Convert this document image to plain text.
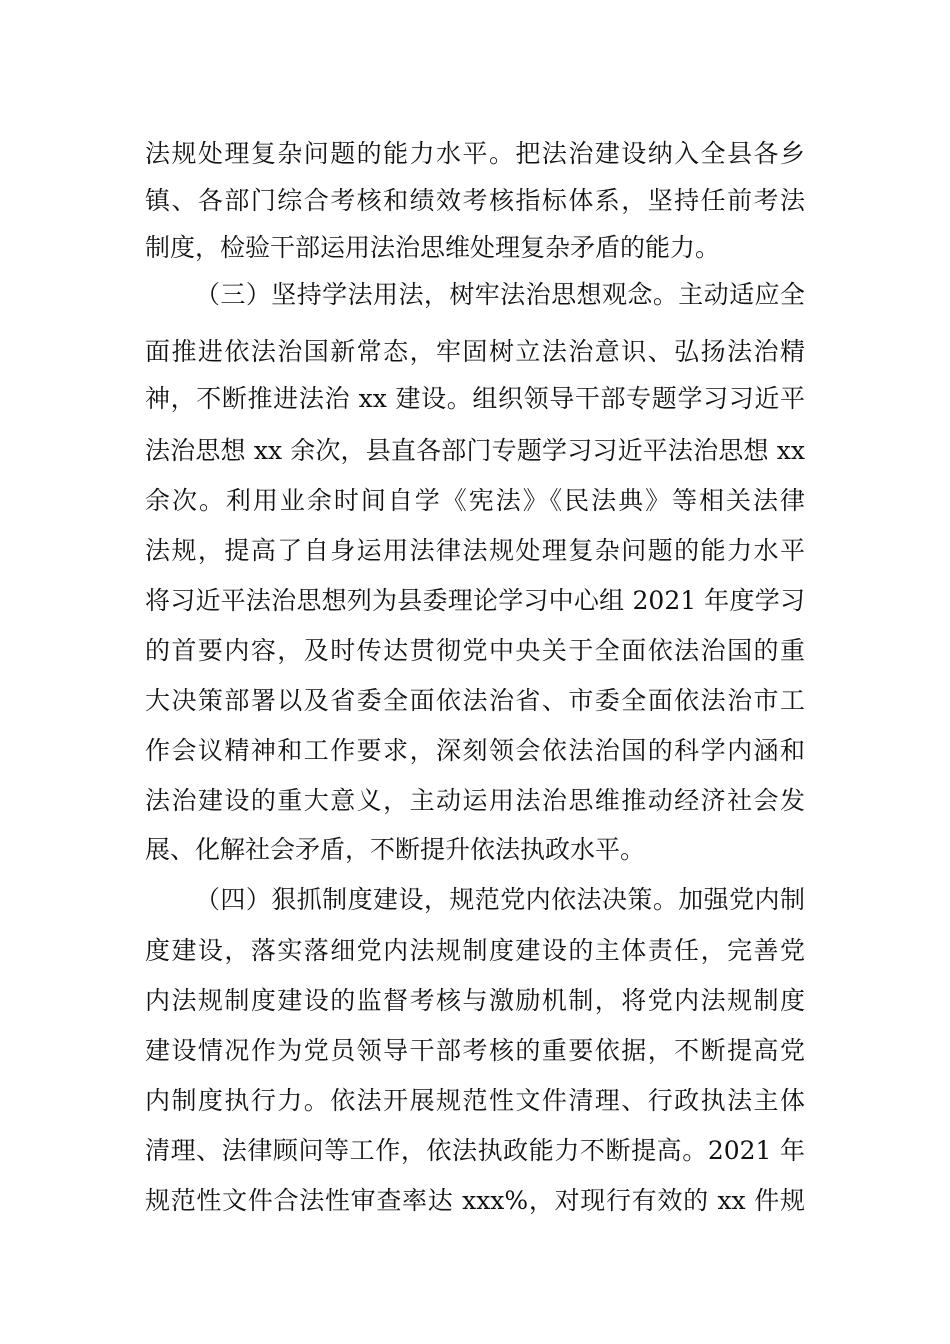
法规处理复杂问题的能力水平。把法治建设纳入全县各乡
镇、各部门综合考核和绩效考核指标体系，坚持任前考法
制度，检验干部运用法治思维处理复杂矛盾的能力。
（三）坚持学法用法，树牢法治思想观念。主动适应全
面推进依法治国新常态，牢固树立法治意识、弘扬法治精
神，不断推进法治 xx 建设。组织领导干部专题学习习近平
法治思想 xx 余次，县直各部门专题学习习近平法治思想 xx
余次。利用业余时间自学《宪法》《民法典》等相关法律
法规，提高了自身运用法律法规处理复杂问题的能力水平
将习近平法治思想列为县委理论学习中心组 2021 年度学习
的首要内容，及时传达贯彻党中央关于全面依法治国的重
大决策部署以及省委全面依法治省、市委全面依法治市工
作会议精神和工作要求，深刻领会依法治国的科学内涵和
法治建设的重大意义，主动运用法治思维推动经济社会发
展、化解社会矛盾，不断提升依法执政水平。
（四）狠抓制度建设，规范党内依法决策。加强党内制
度建设，落实落细党内法规制度建设的主体责任，完善党
内法规制度建设的监督考核与激励机制，将党内法规制度
建设情况作为党员领导干部考核的重要依据，不断提高党
内制度执行力。依法开展规范性文件清理、行政执法主体
清理、法律顾问等工作，依法执政能力不断提高。2021 年
规范性文件合法性审查率达 xxx%，对现行有效的 xx 件规
